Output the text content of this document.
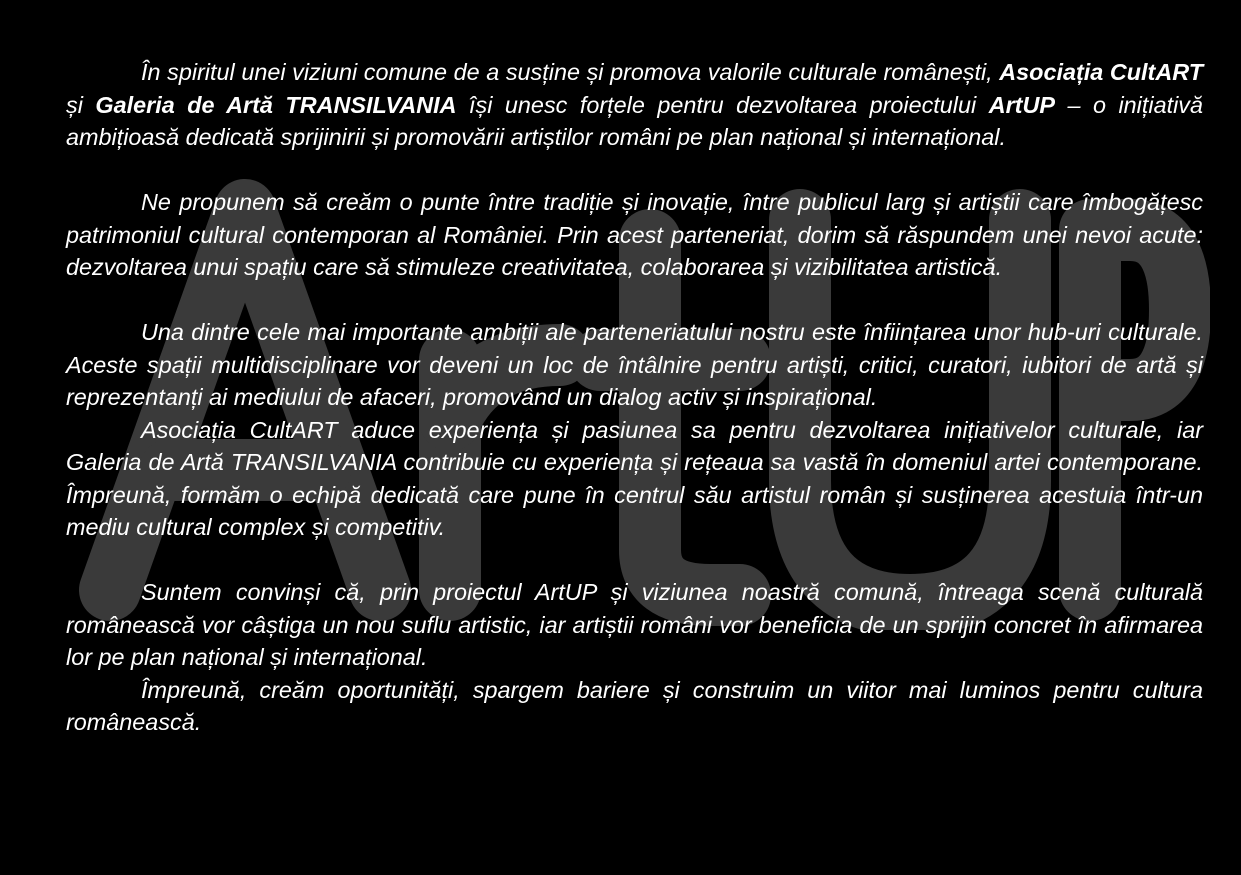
În spiritul unei viziuni comune de a susține și promova valorile culturale românești, Asociația CultART și Galeria de Artă TRANSILVANIA își unesc forțele pentru dezvoltarea proiectului ArtUP – o inițiativă ambițioasă dedicată sprijinirii și promovării artiștilor români pe plan național și internațional.

Ne propunem să creăm o punte între tradiție și inovație, între publicul larg și artiștii care îmbogățesc patrimoniul cultural contemporan al României. Prin acest parteneriat, dorim să răspundem unei nevoi acute: dezvoltarea unui spațiu care să stimuleze creativitatea, colaborarea și vizibilitatea artistică.

Una dintre cele mai importante ambiții ale parteneriatului nostru este înființarea unor hub-uri culturale. Aceste spații multidisciplinare vor deveni un loc de întâlnire pentru artiști, critici, curatori, iubitori de artă și reprezentanți ai mediului de afaceri, promovând un dialog activ și inspirațional.

Asociația CultART aduce experiența și pasiunea sa pentru dezvoltarea inițiativelor culturale, iar Galeria de Artă TRANSILVANIA contribuie cu experiența și rețeaua sa vastă în domeniul artei contemporane. Împreună, formăm o echipă dedicată care pune în centrul său artistul român și susținerea acestuia într-un mediu cultural complex și competitiv.

Suntem convinși că, prin proiectul ArtUP și viziunea noastră comună, întreaga scenă culturală românească vor câștiga un nou suflu artistic, iar artiștii români vor beneficia de un sprijin concret în afirmarea lor pe plan național și internațional.

Împreună, creăm oportunități, spargem bariere și construim un viitor mai luminos pentru cultura românească.
